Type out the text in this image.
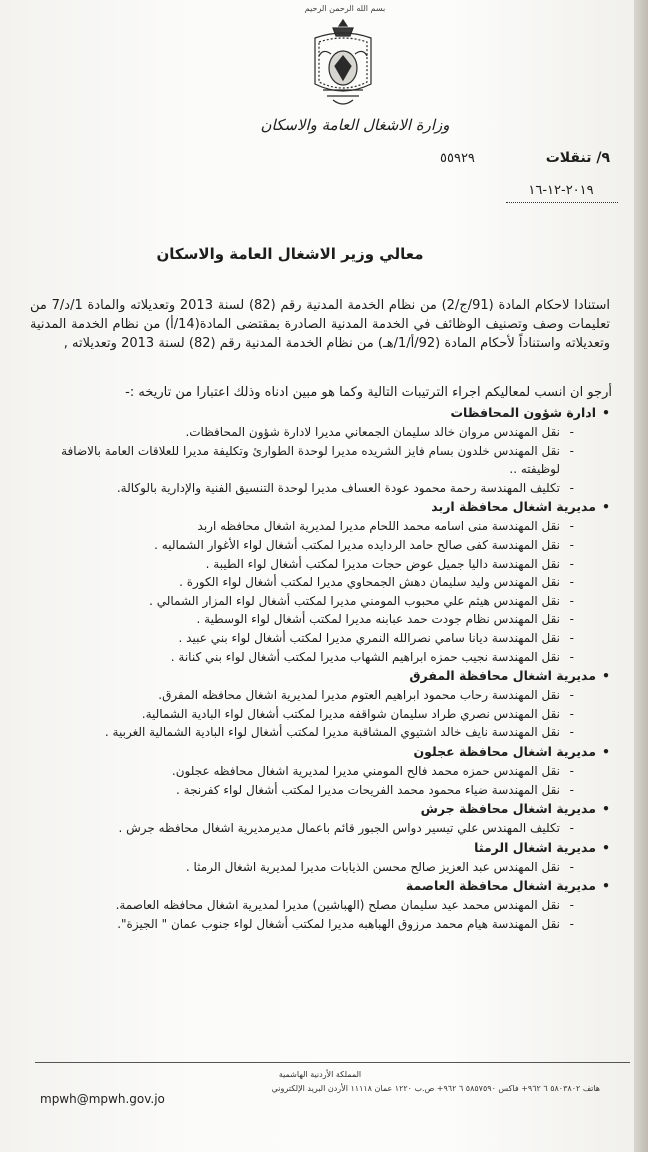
بسم الله الرحمن الرحيم
وزارة الاشغال العامة والاسكان
٩/ تنقلات
٥٥٩٢٩
٢٠١٩-١٢-١٦
معالي وزير الاشغال العامة والاسكان
استنادا لاحكام المادة (91/ج/2) من نظام الخدمة المدنية رقم (82) لسنة 2013 وتعديلاته والمادة 1/د/7 من تعليمات وصف وتصنيف الوظائف في الخدمة المدنية الصادرة بمقتضى المادة(14/أ) من نظام الخدمة المدنية وتعديلاته واستناداً لأحكام المادة (92/أ/1/هـ) من نظام الخدمة المدنية رقم (82) لسنة 2013 وتعديلاته ,
أرجو ان انسب لمعاليكم اجراء الترتيبات التالية وكما هو مبين ادناه وذلك اعتبارا من تاريخه :-
• ادارة شؤون المحافظات
- نقل المهندس مروان خالد سليمان الجمعاني مديرا لادارة شؤون المحافظات.
- نقل المهندس خلدون بسام فايز الشريده مديرا لوحدة الطوارئ وتكليفة مديرا للعلاقات العامة بالاضافة لوظيفته ..
- تكليف المهندسة رحمة محمود عودة العساف مديرا لوحدة التنسيق الفنية والإدارية بالوكالة.
• مديرية اشغال محافظة اربد
- نقل المهندسة منى اسامه محمد اللحام مديرا لمديرية اشغال محافظه اربد
- نقل المهندسة كفى صالح حامد الردايده مديرا لمكتب أشغال لواء الأغوار الشماليه .
- نقل المهندسة داليا جميل عوض حجات مديرا لمكتب أشغال لواء الطيبة .
- نقل المهندس وليد سليمان دهش الجمحاوي مديرا لمكتب أشغال لواء الكورة .
- نقل المهندس هيثم علي محبوب المومني مديرا لمكتب أشغال لواء المزار الشمالي .
- نقل المهندس نظام جودت حمد عبابنه مديرا لمكتب أشغال لواء الوسطية .
- نقل المهندسة ديانا سامي نصرالله النمري مديرا لمكتب أشغال لواء بني عبيد .
- نقل المهندسة نجيب حمزه ابراهيم الشهاب مديرا لمكتب أشغال لواء بني كنانة .
• مديرية اشغال محافظة المفرق
- نقل المهندسة رحاب محمود ابراهيم العتوم مديرا لمديرية اشغال محافظه المفرق.
- نقل المهندس نصري طراد سليمان شواقفه مديرا لمكتب أشغال لواء البادية الشمالية.
- نقل المهندسة نايف خالد اشتيوي المشاقبة مديرا لمكتب أشغال لواء البادية الشمالية الغربية .
• مديرية اشغال محافظة عجلون
- نقل المهندس حمزه محمد فالح المومني مديرا لمديرية اشغال محافظه عجلون.
- نقل المهندسة ضياء محمود محمد الفريحات مديرا لمكتب أشغال لواء كفرنجة .
• مديرية اشغال محافظة جرش
- تكليف المهندس علي تيسير دواس الجبور قائم باعمال مديرمديرية اشغال محافظه جرش .
• مديرية اشغال الرمثا
- نقل المهندس عبد العزيز صالح محسن الذيابات مديرا لمديرية اشغال الرمثا .
• مديرية اشغال محافظة العاصمة
- نقل المهندس محمد عيد سليمان مصلح (الهباشين) مديرا لمديرية اشغال محافظه العاصمة.
- نقل المهندسة هيام محمد مرزوق الهباهبه مديرا لمكتب أشغال لواء جنوب عمان " الجيزة".
المملكة الأردنية الهاشمية
هاتف ٥٨٠٣٨٠٢ ٦ ٩٦٢+ فاكس ٥٨٥٧٥٩٠ ٦ ٩٦٢+ ص.ب ١٢٢٠ عمان ١١١١٨ الأردن البريد الإلكتروني
mpwh@mpwh.gov.jo
